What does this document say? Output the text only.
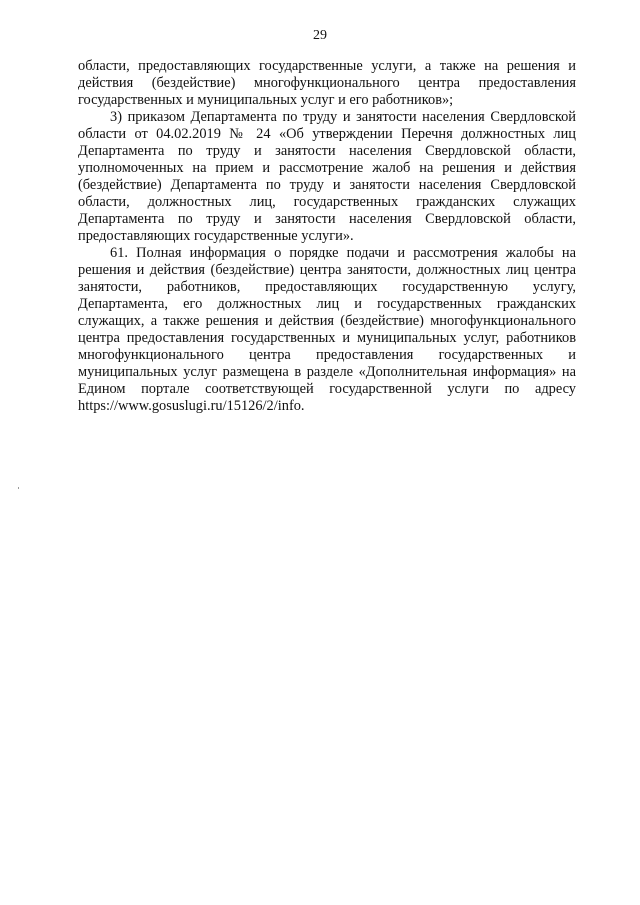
29

области, предоставляющих государственные услуги, а также на решения и действия (бездействие) многофункционального центра предоставления государственных и муниципальных услуг и его работников»;

3) приказом Департамента по труду и занятости населения Свердловской области от 04.02.2019 № 24 «Об утверждении Перечня должностных лиц Департамента по труду и занятости населения Свердловской области, уполномоченных на прием и рассмотрение жалоб на решения и действия (бездействие) Департамента по труду и занятости населения Свердловской области, должностных лиц, государственных гражданских служащих Департамента по труду и занятости населения Свердловской области, предоставляющих государственные услуги».

61. Полная информация о порядке подачи и рассмотрения жалобы на решения и действия (бездействие) центра занятости, должностных лиц центра занятости, работников, предоставляющих государственную услугу, Департамента, его должностных лиц и государственных гражданских служащих, а также решения и действия (бездействие) многофункционального центра предоставления государственных и муниципальных услуг, работников многофункционального центра предоставления государственных и муниципальных услуг размещена в разделе «Дополнительная информация» на Едином портале соответствующей государственной услуги по адресу https://www.gosuslugi.ru/15126/2/info.
